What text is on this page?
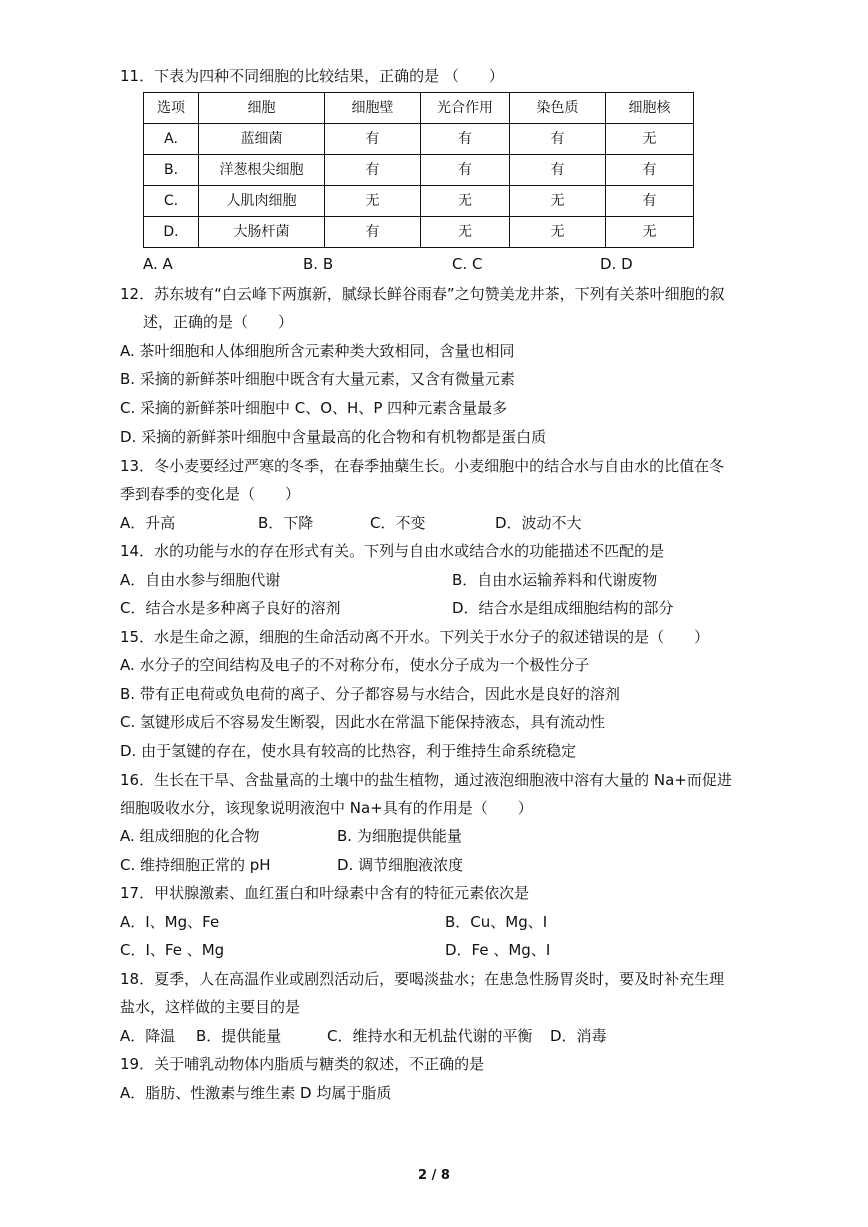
11．下表为四种不同细胞的比较结果，正确的是 （　　）
选项	细胞	细胞壁	光合作用	染色质	细胞核
A.	蓝细菌	有	有	有	无
B.	洋葱根尖细胞	有	有	有	有
C.	人肌肉细胞	无	无	无	有
D.	大肠杆菌	有	无	无	无
A. A	B. B	C. C	D. D
12．苏东坡有“白云峰下两旗新，腻绿长鲜谷雨春”之句赞美龙井茶，下列有关茶叶细胞的叙
述，正确的是（　　）
A. 茶叶细胞和人体细胞所含元素种类大致相同，含量也相同
B. 采摘的新鲜茶叶细胞中既含有大量元素，又含有微量元素
C. 采摘的新鲜茶叶细胞中 C、O、H、P 四种元素含量最多
D. 采摘的新鲜茶叶细胞中含量最高的化合物和有机物都是蛋白质
13．冬小麦要经过严寒的冬季，在春季抽蘖生长。小麦细胞中的结合水与自由水的比值在冬
季到春季的变化是（　　）
A．升高	B．下降	C．不变	D．波动不大
14．水的功能与水的存在形式有关。下列与自由水或结合水的功能描述不匹配的是
A．自由水参与细胞代谢	B．自由水运输养料和代谢废物
C．结合水是多种离子良好的溶剂	D．结合水是组成细胞结构的部分
15．水是生命之源，细胞的生命活动离不开水。下列关于水分子的叙述错误的是（　　）
A. 水分子的空间结构及电子的不对称分布，使水分子成为一个极性分子
B. 带有正电荷或负电荷的离子、分子都容易与水结合，因此水是良好的溶剂
C. 氢键形成后不容易发生断裂，因此水在常温下能保持液态，具有流动性
D. 由于氢键的存在，使水具有较高的比热容，利于维持生命系统稳定
16．生长在干旱、含盐量高的土壤中的盐生植物，通过液泡细胞液中溶有大量的 Na+而促进
细胞吸收水分，该现象说明液泡中 Na+具有的作用是（　　）
A. 组成细胞的化合物	B. 为细胞提供能量
C. 维持细胞正常的 pH	D. 调节细胞液浓度
17．甲状腺激素、血红蛋白和叶绿素中含有的特征元素依次是
A．I、Mg、Fe	B．Cu、Mg、I
C．I、Fe 、Mg	D．Fe 、Mg、I
18．夏季，人在高温作业或剧烈活动后，要喝淡盐水；在患急性肠胃炎时，要及时补充生理
盐水，这样做的主要目的是
A．降温 B．提供能量	C．维持水和无机盐代谢的平衡 D．消毒
19．关于哺乳动物体内脂质与糖类的叙述，不正确的是
A．脂肪、性激素与维生素 D 均属于脂质
2 / 8
